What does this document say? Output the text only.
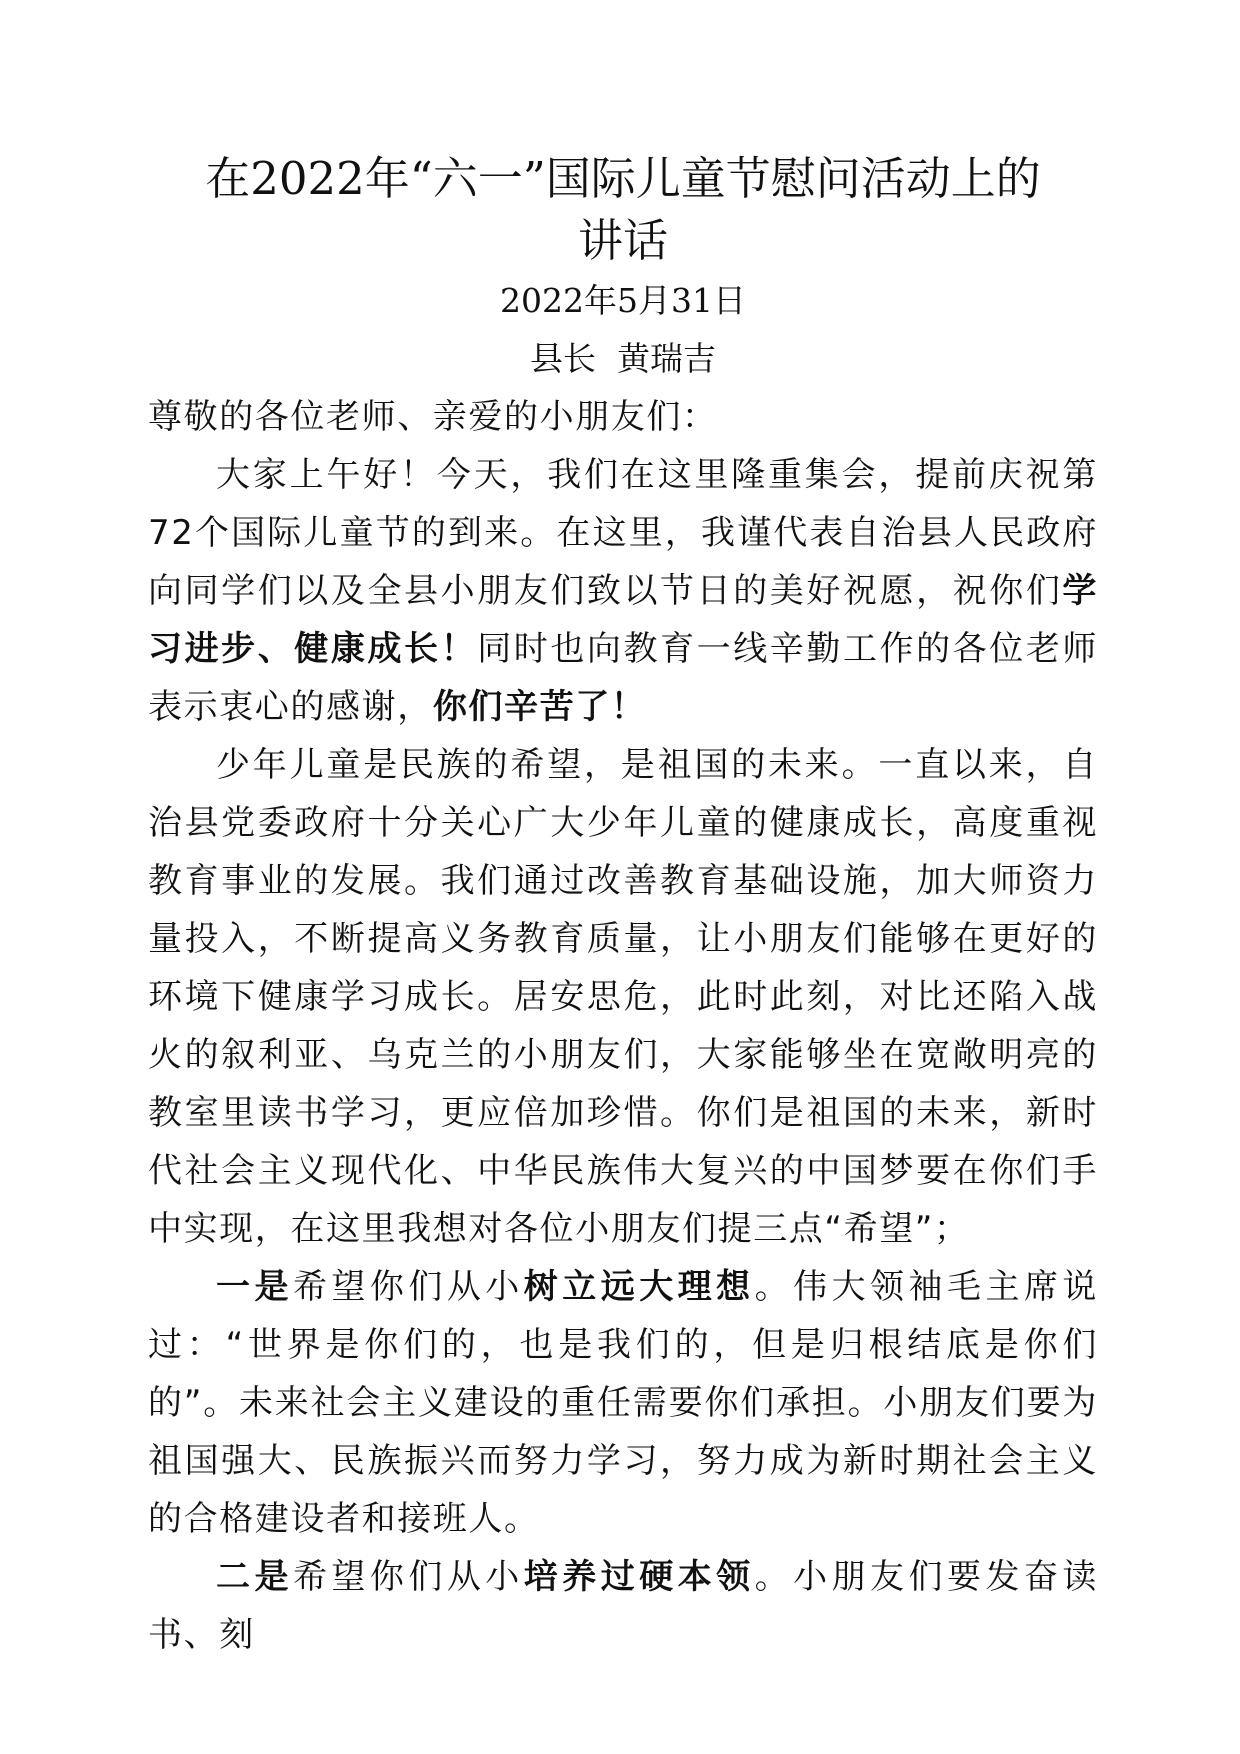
在2022年“六一”国际儿童节慰问活动上的
讲话
2022年5月31日
县长  黄瑞吉

尊敬的各位老师、亲爱的小朋友们：

大家上午好！今天，我们在这里隆重集会，提前庆祝第72个国际儿童节的到来。在这里，我谨代表自治县人民政府向同学们以及全县小朋友们致以节日的美好祝愿，祝你们学习进步、健康成长！同时也向教育一线辛勤工作的各位老师表示衷心的感谢，你们辛苦了！

少年儿童是民族的希望，是祖国的未来。一直以来，自治县党委政府十分关心广大少年儿童的健康成长，高度重视教育事业的发展。我们通过改善教育基础设施，加大师资力量投入，不断提高义务教育质量，让小朋友们能够在更好的环境下健康学习成长。居安思危，此时此刻，对比还陷入战火的叙利亚、乌克兰的小朋友们，大家能够坐在宽敞明亮的教室里读书学习，更应倍加珍惜。你们是祖国的未来，新时代社会主义现代化、中华民族伟大复兴的中国梦要在你们手中实现，在这里我想对各位小朋友们提三点“希望”；

一是希望你们从小树立远大理想。伟大领袖毛主席说过：“世界是你们的，也是我们的，但是归根结底是你们的”。未来社会主义建设的重任需要你们承担。小朋友们要为祖国强大、民族振兴而努力学习，努力成为新时期社会主义的合格建设者和接班人。

二是希望你们从小培养过硬本领。小朋友们要发奋读书、刻
